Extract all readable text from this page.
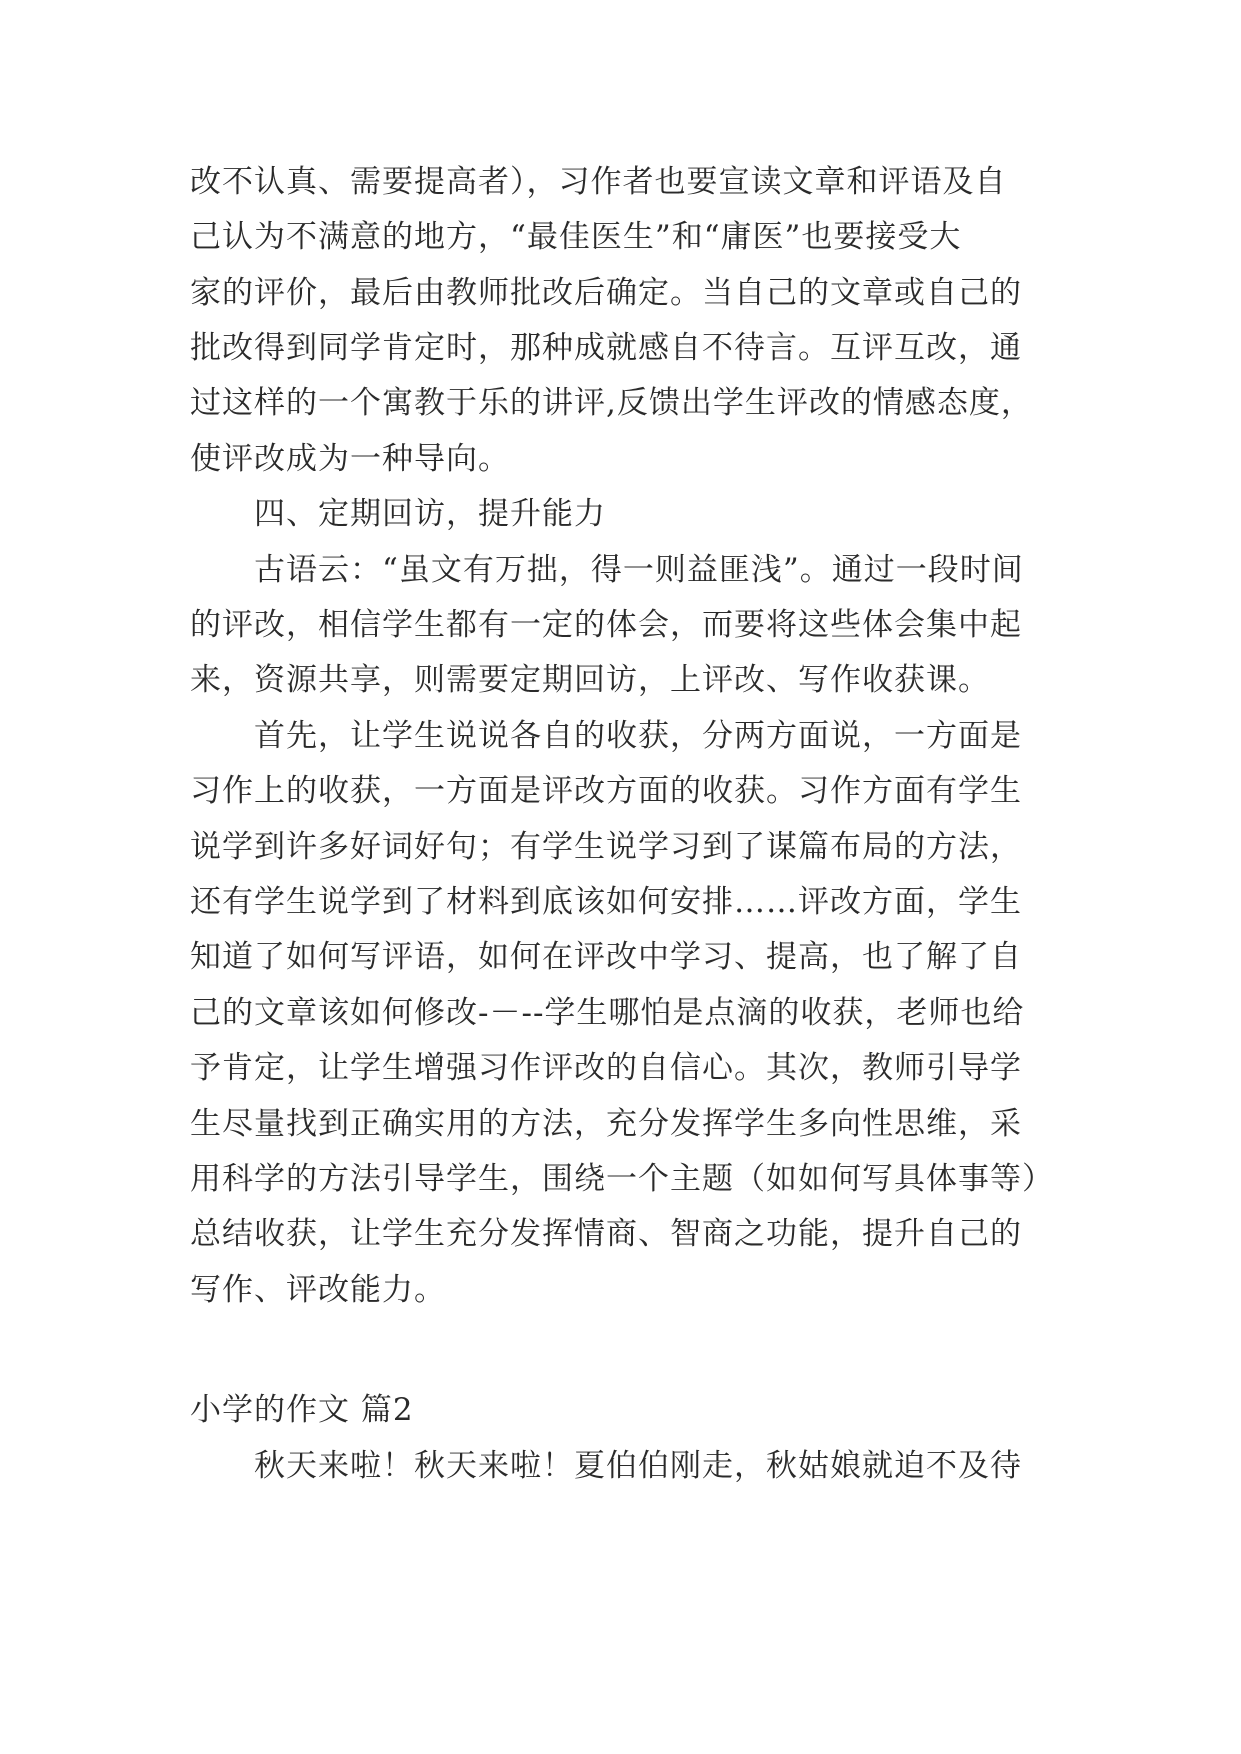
改不认真、需要提高者），习作者也要宣读文章和评语及自
己认为不满意的地方，“最佳医生”和“庸医”也要接受大
家的评价，最后由教师批改后确定。当自己的文章或自己的
批改得到同学肯定时，那种成就感自不待言。互评互改，通
过这样的一个寓教于乐的讲评,反馈出学生评改的情感态度，
使评改成为一种导向。
四、定期回访，提升能力
古语云：“虽文有万拙，得一则益匪浅”。通过一段时间
的评改，相信学生都有一定的体会，而要将这些体会集中起
来，资源共享，则需要定期回访，上评改、写作收获课。
首先，让学生说说各自的收获，分两方面说，一方面是
习作上的收获，一方面是评改方面的收获。习作方面有学生
说学到许多好词好句；有学生说学习到了谋篇布局的方法，
还有学生说学到了材料到底该如何安排……评改方面，学生
知道了如何写评语，如何在评改中学习、提高，也了解了自
己的文章该如何修改-－--学生哪怕是点滴的收获，老师也给
予肯定，让学生增强习作评改的自信心。其次，教师引导学
生尽量找到正确实用的方法，充分发挥学生多向性思维，采
用科学的方法引导学生，围绕一个主题（如如何写具体事等）
总结收获，让学生充分发挥情商、智商之功能，提升自己的
写作、评改能力。
小学的作文 篇2
秋天来啦！秋天来啦！夏伯伯刚走，秋姑娘就迫不及待
